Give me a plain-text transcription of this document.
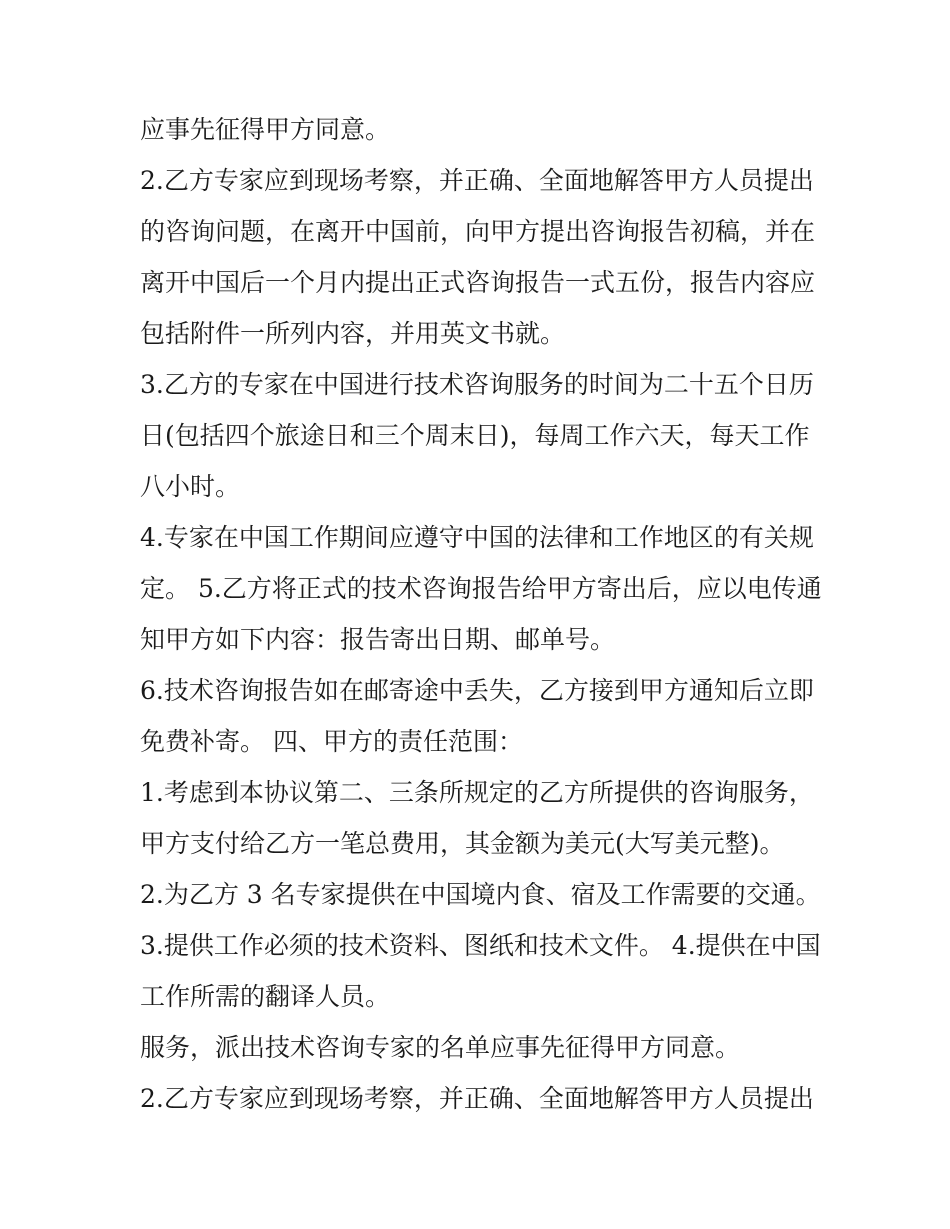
应事先征得甲方同意。
2.乙方专家应到现场考察，并正确、全面地解答甲方人员提出
的咨询问题，在离开中国前，向甲方提出咨询报告初稿，并在
离开中国后一个月内提出正式咨询报告一式五份，报告内容应
包括附件一所列内容，并用英文书就。
3.乙方的专家在中国进行技术咨询服务的时间为二十五个日历
日(包括四个旅途日和三个周末日)，每周工作六天，每天工作
八小时。
4.专家在中国工作期间应遵守中国的法律和工作地区的有关规
定。 5.乙方将正式的技术咨询报告给甲方寄出后，应以电传通
知甲方如下内容：报告寄出日期、邮单号。
6.技术咨询报告如在邮寄途中丢失，乙方接到甲方通知后立即
免费补寄。 四、甲方的责任范围：
1.考虑到本协议第二、三条所规定的乙方所提供的咨询服务，
甲方支付给乙方一笔总费用，其金额为美元(大写美元整)。
2.为乙方 3 名专家提供在中国境内食、宿及工作需要的交通。
3.提供工作必须的技术资料、图纸和技术文件。 4.提供在中国
工作所需的翻译人员。
服务，派出技术咨询专家的名单应事先征得甲方同意。
2.乙方专家应到现场考察，并正确、全面地解答甲方人员提出
